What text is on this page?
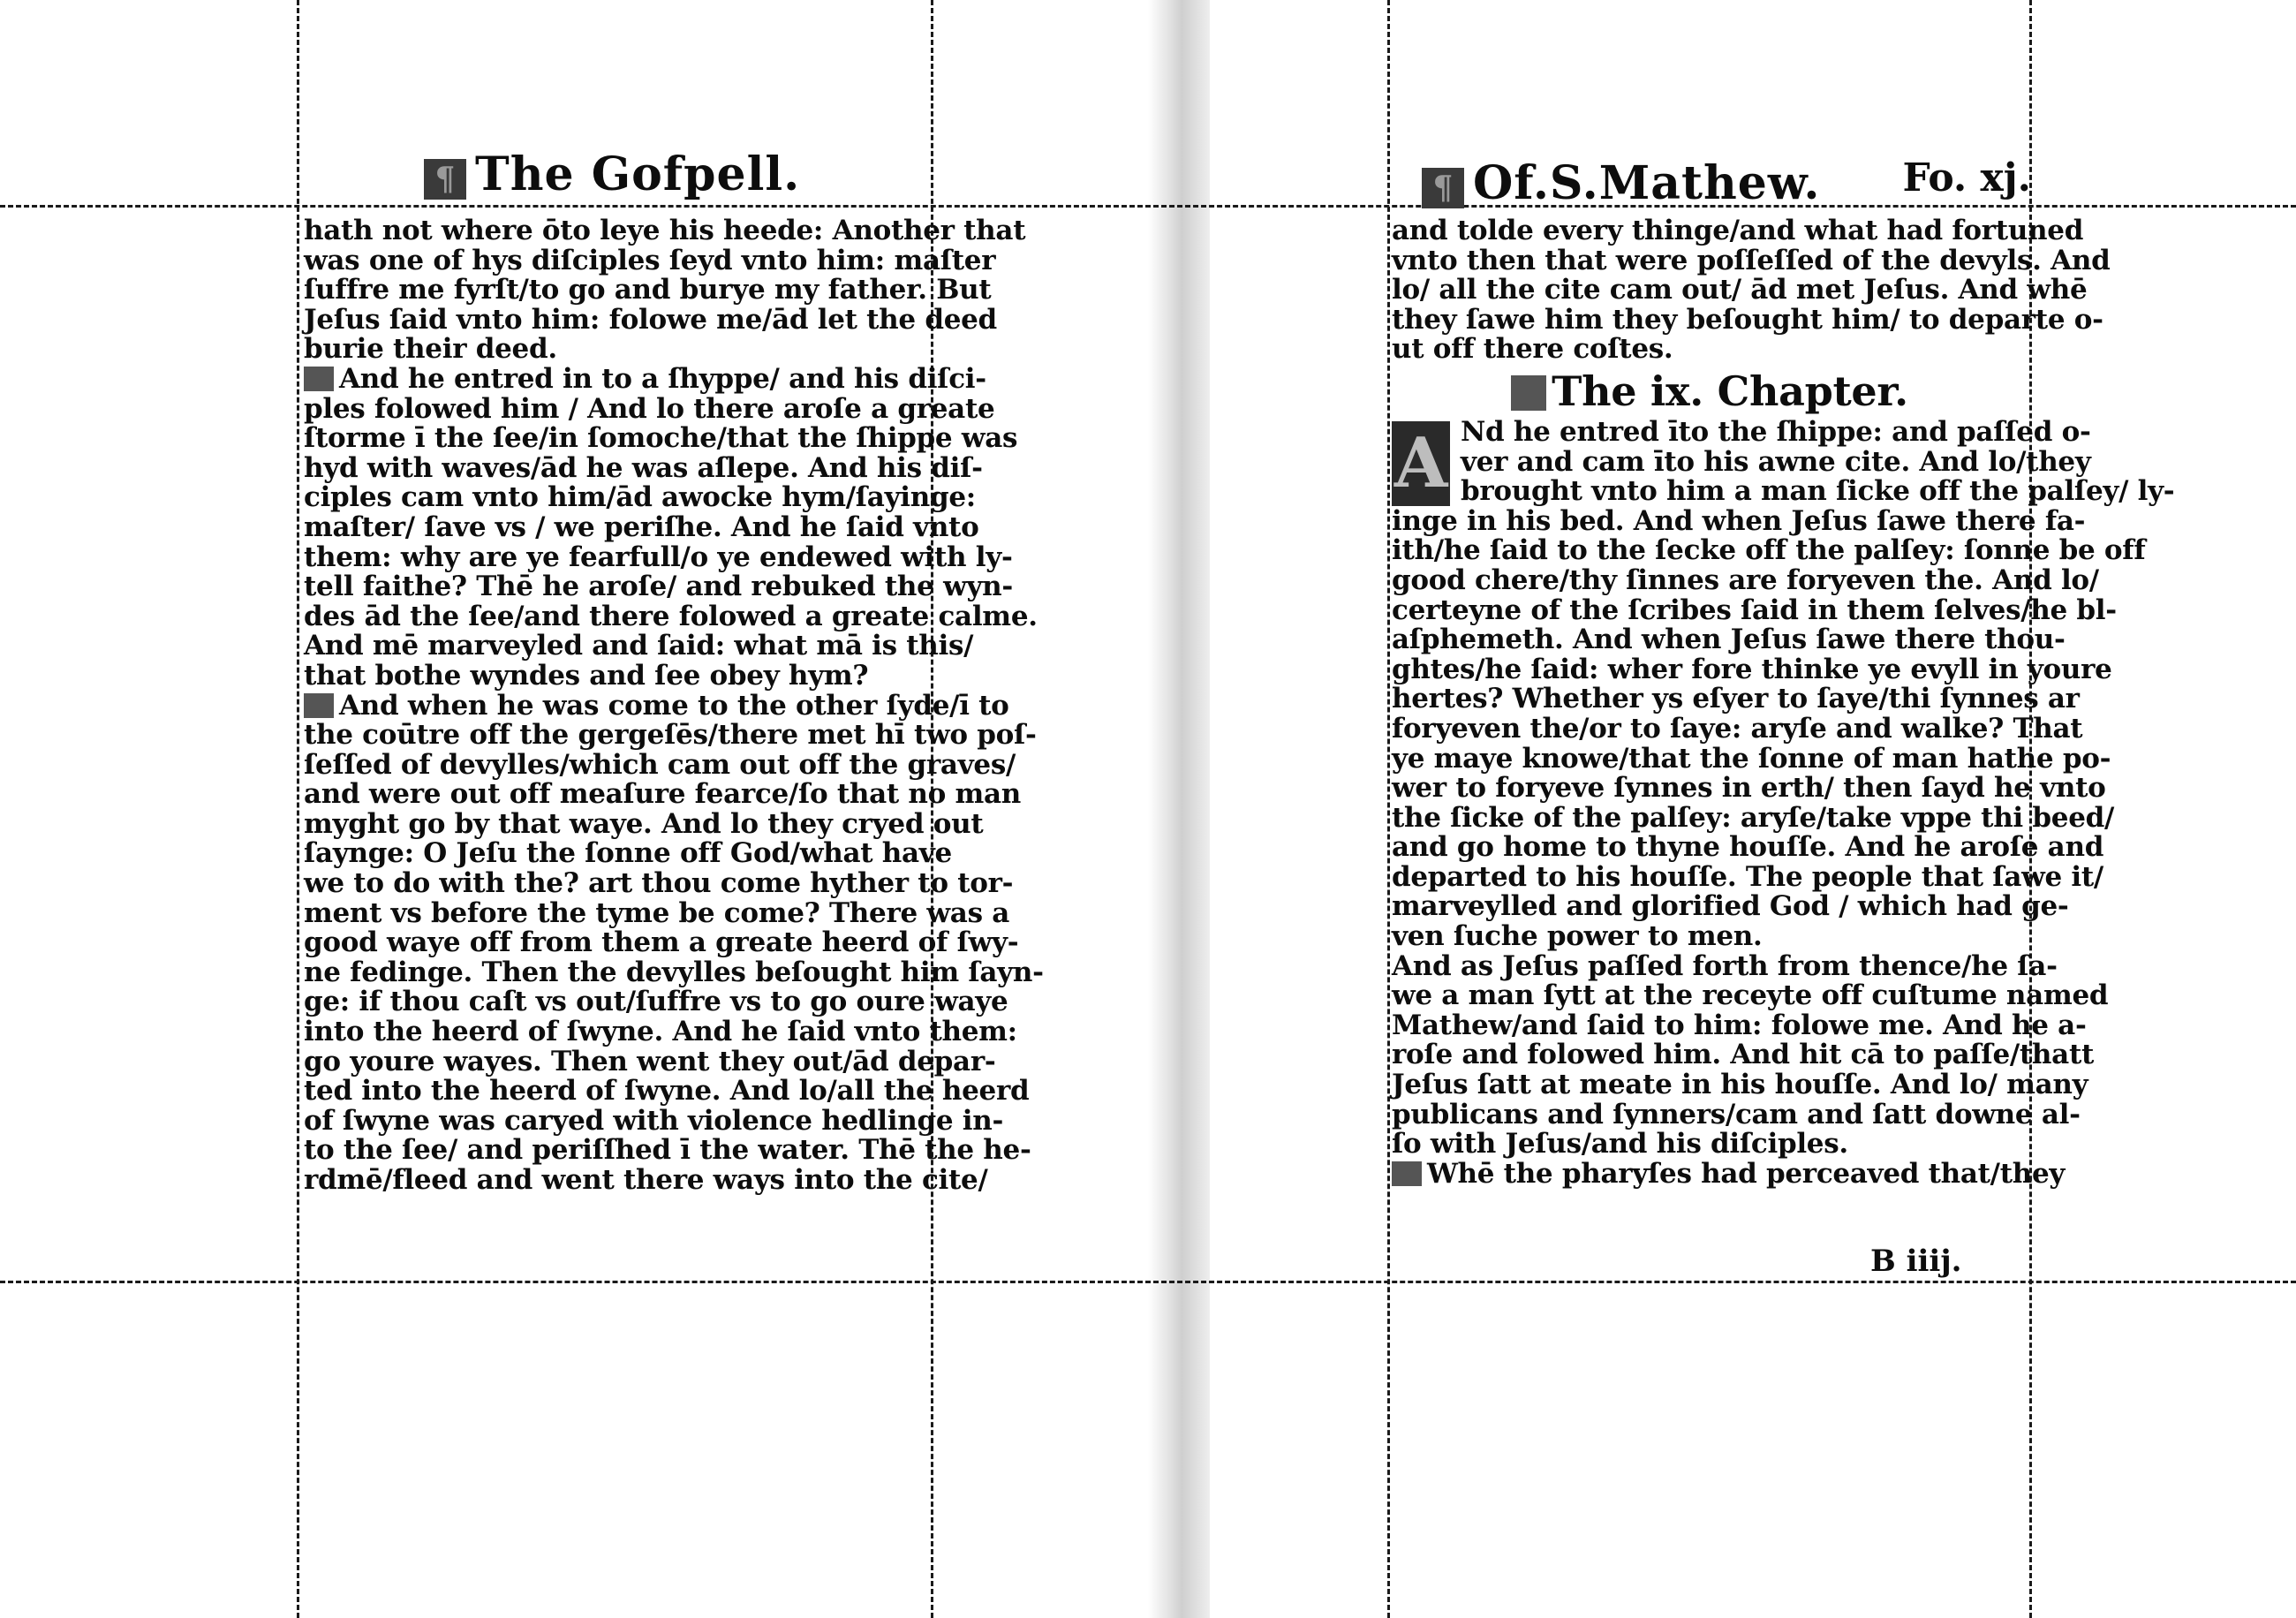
¶ The Gofpell.
hath not where ōto leye his heede: Another that
was one of hys diſciples ſeyd vnto him: maſter
ſuffre me fyrſt/to go and burye my father. But
Jeſus ſaid vnto him: folowe me/ād let the deed
burie their deed.
And he entred in to a ſhyppe/ and his diſci-
ples folowed him / And lo there aroſe a greate
ſtorme ī the ſee/in ſomoche/that the ſhippe was
hyd with waves/ād he was aſlepe. And his diſ-
ciples cam vnto him/ād awocke hym/ſayinge:
maſter/ ſave vs / we periſhe. And he ſaid vnto
them: why are ye fearfull/o ye endewed with ly-
tell faithe? Thē he aroſe/ and rebuked the wyn-
des ād the ſee/and there folowed a greate calme.
And mē marveyled and ſaid: what mā is this/
that bothe wyndes and ſee obey hym?
And when he was come to the other ſyde/ī to
the coūtre off the gergeſēs/there met hī two poſ-
ſeſſed of devylles/which cam out off the graves/
and were out off meaſure fearce/ſo that no man
myght go by that waye. And lo they cryed out
ſaynge: O Jeſu the ſonne off God/what have
we to do with the? art thou come hyther to tor-
ment vs before the tyme be come? There was a
good waye off from them a greate heerd of ſwy-
ne fedinge. Then the devylles beſought him ſayn-
ge: if thou caſt vs out/ſuffre vs to go oure waye
into the heerd of ſwyne. And he ſaid vnto them:
go youre wayes. Then went they out/ād depar-
ted into the heerd of ſwyne. And lo/all the heerd
of ſwyne was caryed with violence hedlinge in-
to the ſee/ and periſſhed ī the water. Thē the he-
rdmē/fleed and went there ways into the cite/
¶ Of.S.Mathew. Fo. xj.
and tolde every thinge/and what had fortuned
vnto then that were poſſeſſed of the devyls. And
lo/ all the cite cam out/ ād met Jeſus. And whē
they ſawe him they beſought him/ to departe o-
ut off there coſtes.
The ix. Chapter.
A Nd he entred īto the ſhippe: and paſſed o-
ver and cam īto his awne cite. And lo/they
brought vnto him a man ſicke off the palſey/ ly-
inge in his bed. And when Jeſus ſawe there fa-
ith/he ſaid to the ſecke off the palſey: ſonne be off
good chere/thy ſinnes are foryeven the. And lo/
certeyne of the ſcribes ſaid in them ſelves/he bl-
aſphemeth. And when Jeſus ſawe there thou-
ghtes/he ſaid: wher fore thinke ye evyll in youre
hertes? Whether ys eſyer to ſaye/thi ſynnes ar
foryeven the/or to ſaye: aryſe and walke? That
ye maye knowe/that the ſonne of man hathe po-
wer to foryeve ſynnes in erth/ then ſayd he vnto
the ſicke of the palſey: aryſe/take vppe thi beed/
and go home to thyne houſſe. And he aroſe and
departed to his houſſe. The people that ſawe it/
marveylled and glorified God / which had ge-
ven ſuche power to men.
And as Jeſus paſſed forth from thence/he ſa-
we a man ſytt at the receyte off cuſtume named
Mathew/and ſaid to him: folowe me. And he a-
roſe and folowed him. And hit cā to paſſe/thatt
Jeſus ſatt at meate in his houſſe. And lo/ many
publicans and ſynners/cam and ſatt downe al-
ſo with Jeſus/and his diſciples.
Whē the pharyſes had perceaved that/they
B iiij.
